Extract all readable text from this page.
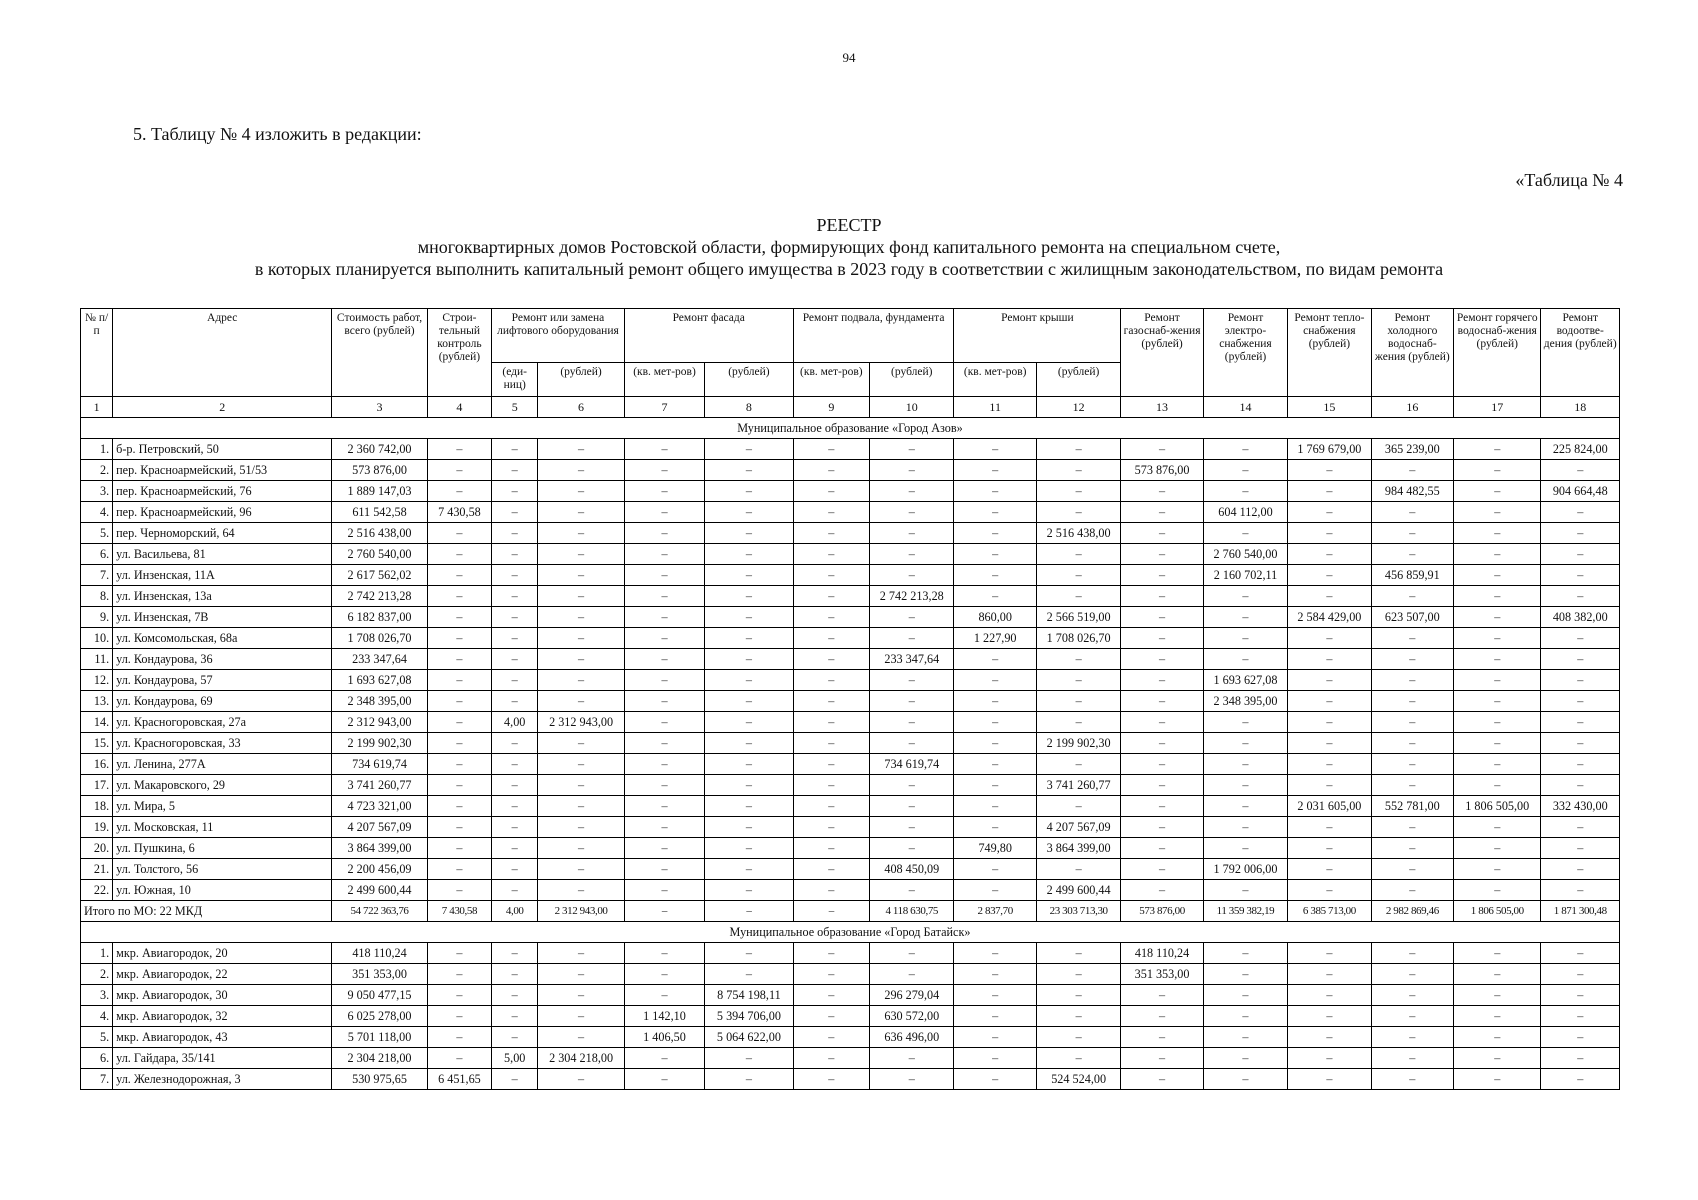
94
5. Таблицу № 4 изложить в редакции:
«Таблица № 4
РЕЕСТР
многоквартирных домов Ростовской области, формирующих фонд капитального ремонта на специальном счете,
в которых планируется выполнить капитальный ремонт общего имущества в 2023 году в соответствии с жилищным законодательством, по видам ремонта
№ п/п	Адрес	Стоимость работ, всего (рублей)	Строи-тельный контроль (рублей)	Ремонт или замена лифтового оборудования		Ремонт фасада		Ремонт подвала, фундамента		Ремонт крыши		Ремонт газоснаб-жения (рублей)	Ремонт электро-снабжения (рублей)	Ремонт тепло-снабжения (рублей)	Ремонт холодного водоснаб-жения (рублей)	Ремонт горячего водоснаб-жения (рублей)	Ремонт водоотве-дения (рублей)
				(еди-ниц)	(рублей)	(кв. мет-ров)	(рублей)	(кв. мет-ров)	(рублей)	(кв. мет-ров)	(рублей)						
1	2	3	4	5	6	7	8	9	10	11	12	13	14	15	16	17	18
Муниципальное образование «Город Азов»																	
1.	б-р. Петровский, 50	2 360 742,00	–	–	–	–	–	–	–	–	–	–	–	1 769 679,00	365 239,00	–	225 824,00
2.	пер. Красноармейский, 51/53	573 876,00	–	–	–	–	–	–	–	–	–	573 876,00	–	–	–	–	–
3.	пер. Красноармейский, 76	1 889 147,03	–	–	–	–	–	–	–	–	–	–	–	–	984 482,55	–	904 664,48
4.	пер. Красноармейский, 96	611 542,58	7 430,58	–	–	–	–	–	–	–	–	–	604 112,00	–	–	–	–
5.	пер. Черноморский, 64	2 516 438,00	–	–	–	–	–	–	–	–	2 516 438,00	–	–	–	–	–	–
6.	ул. Васильева, 81	2 760 540,00	–	–	–	–	–	–	–	–	–	–	2 760 540,00	–	–	–	–
7.	ул. Инзенская, 11А	2 617 562,02	–	–	–	–	–	–	–	–	–	–	2 160 702,11	–	456 859,91	–	–
8.	ул. Инзенская, 13а	2 742 213,28	–	–	–	–	–	–	2 742 213,28	–	–	–	–	–	–	–	–
9.	ул. Инзенская, 7В	6 182 837,00	–	–	–	–	–	–	–	860,00	2 566 519,00	–	–	2 584 429,00	623 507,00	–	408 382,00
10.	ул. Комсомольская, 68а	1 708 026,70	–	–	–	–	–	–	–	1 227,90	1 708 026,70	–	–	–	–	–	–
11.	ул. Кондаурова, 36	233 347,64	–	–	–	–	–	–	233 347,64	–	–	–	–	–	–	–	–
12.	ул. Кондаурова, 57	1 693 627,08	–	–	–	–	–	–	–	–	–	–	1 693 627,08	–	–	–	–
13.	ул. Кондаурова, 69	2 348 395,00	–	–	–	–	–	–	–	–	–	–	2 348 395,00	–	–	–	–
14.	ул. Красногоровская, 27а	2 312 943,00	–	4,00	2 312 943,00	–	–	–	–	–	–	–	–	–	–	–	–
15.	ул. Красногоровская, 33	2 199 902,30	–	–	–	–	–	–	–	–	2 199 902,30	–	–	–	–	–	–
16.	ул. Ленина, 277А	734 619,74	–	–	–	–	–	–	734 619,74	–	–	–	–	–	–	–	–
17.	ул. Макаровского, 29	3 741 260,77	–	–	–	–	–	–	–	–	3 741 260,77	–	–	–	–	–	–
18.	ул. Мира, 5	4 723 321,00	–	–	–	–	–	–	–	–	–	–	–	2 031 605,00	552 781,00	1 806 505,00	332 430,00
19.	ул. Московская, 11	4 207 567,09	–	–	–	–	–	–	–	–	4 207 567,09	–	–	–	–	–	–
20.	ул. Пушкина, 6	3 864 399,00	–	–	–	–	–	–	–	749,80	3 864 399,00	–	–	–	–	–	–
21.	ул. Толстого, 56	2 200 456,09	–	–	–	–	–	–	408 450,09	–	–	–	1 792 006,00	–	–	–	–
22.	ул. Южная, 10	2 499 600,44	–	–	–	–	–	–	–	–	2 499 600,44	–	–	–	–	–	–
Итого по МО: 22 МКД		54 722 363,76	7 430,58	4,00	2 312 943,00	–	–	–	4 118 630,75	2 837,70	23 303 713,30	573 876,00	11 359 382,19	6 385 713,00	2 982 869,46	1 806 505,00	1 871 300,48
Муниципальное образование «Город Батайск»																	
1.	мкр. Авиагородок, 20	418 110,24	–	–	–	–	–	–	–	–	–	418 110,24	–	–	–	–	–
2.	мкр. Авиагородок, 22	351 353,00	–	–	–	–	–	–	–	–	–	351 353,00	–	–	–	–	–
3.	мкр. Авиагородок, 30	9 050 477,15	–	–	–	–	8 754 198,11	–	296 279,04	–	–	–	–	–	–	–	–
4.	мкр. Авиагородок, 32	6 025 278,00	–	–	–	1 142,10	5 394 706,00	–	630 572,00	–	–	–	–	–	–	–	–
5.	мкр. Авиагородок, 43	5 701 118,00	–	–	–	1 406,50	5 064 622,00	–	636 496,00	–	–	–	–	–	–	–	–
6.	ул. Гайдара, 35/141	2 304 218,00	–	5,00	2 304 218,00	–	–	–	–	–	–	–	–	–	–	–	–
7.	ул. Железнодорожная, 3	530 975,65	6 451,65	–	–	–	–	–	–	–	524 524,00	–	–	–	–	–	–
